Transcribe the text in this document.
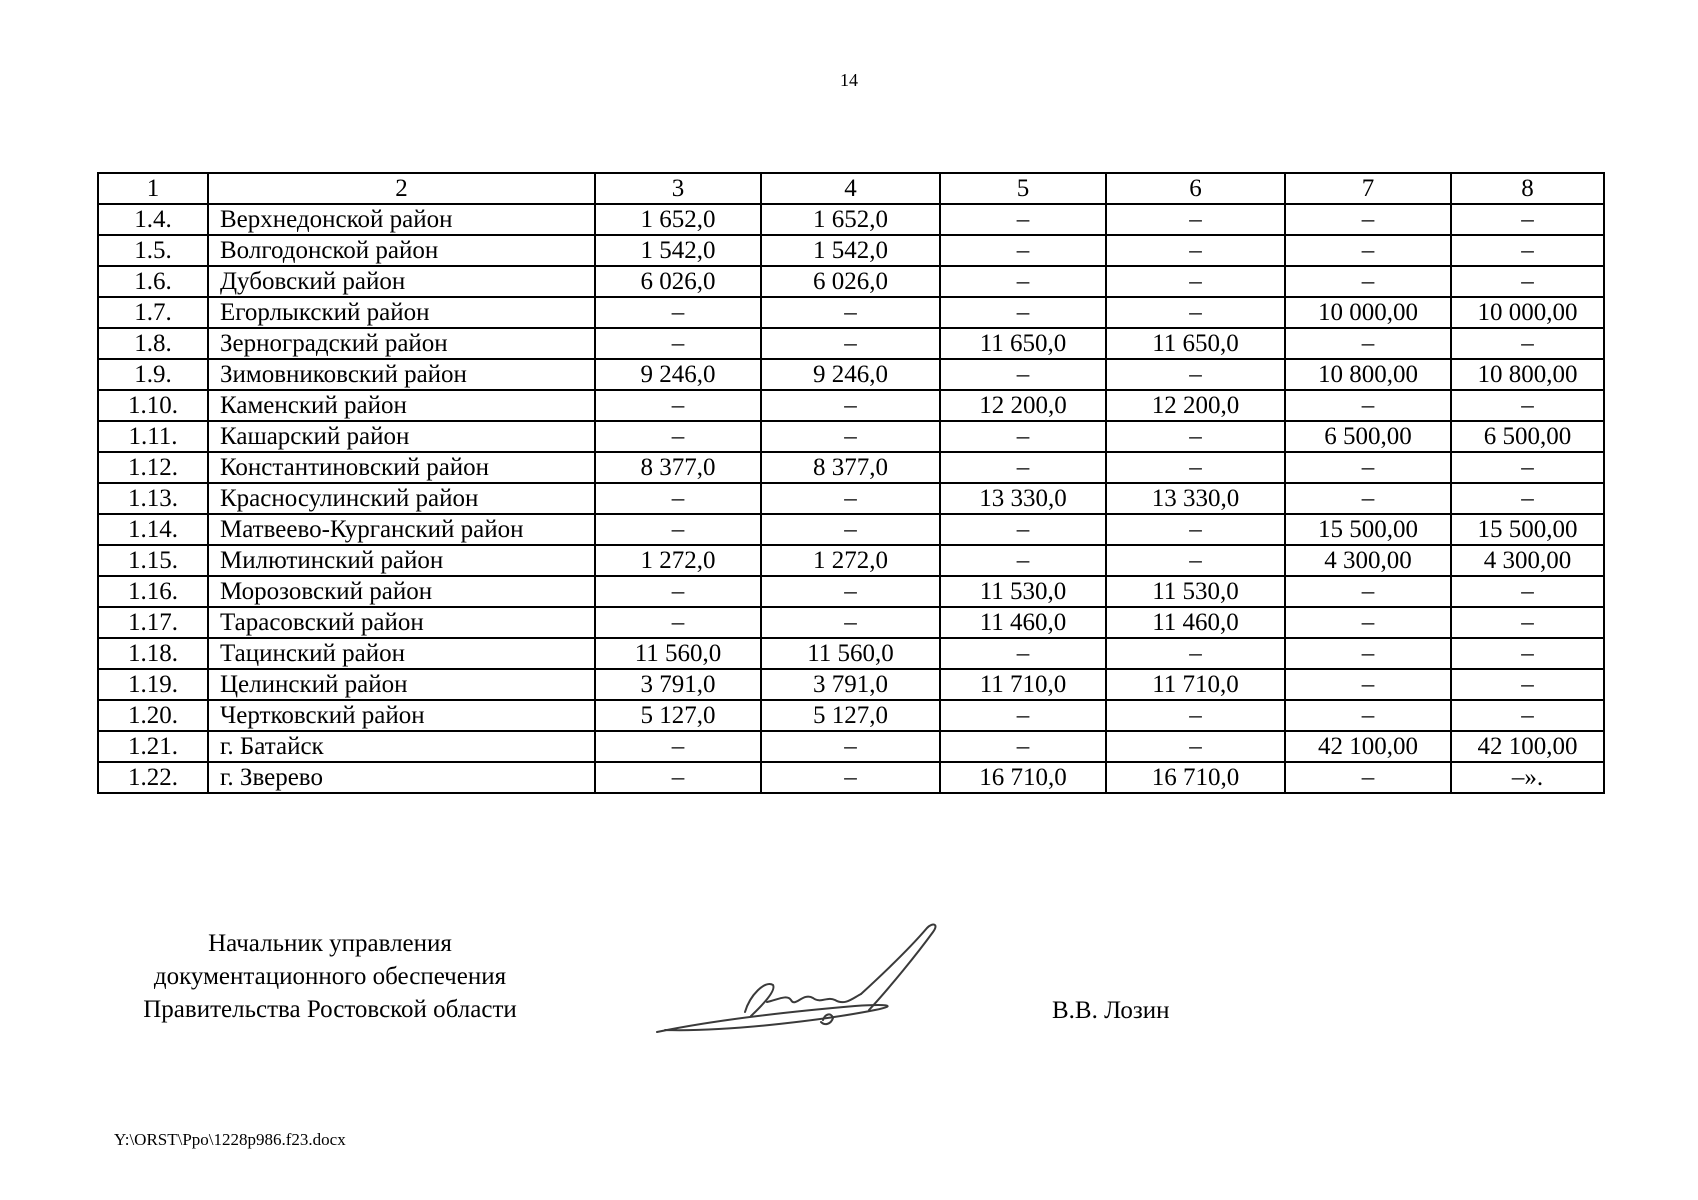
14
1	2	3	4	5	6	7	8
1.4.	Верхнедонской район	1 652,0	1 652,0	–	–	–	–
1.5.	Волгодонской район	1 542,0	1 542,0	–	–	–	–
1.6.	Дубовский район	6 026,0	6 026,0	–	–	–	–
1.7.	Егорлыкский район	–	–	–	–	10 000,00	10 000,00
1.8.	Зерноградский район	–	–	11 650,0	11 650,0	–	–
1.9.	Зимовниковский район	9 246,0	9 246,0	–	–	10 800,00	10 800,00
1.10.	Каменский район	–	–	12 200,0	12 200,0	–	–
1.11.	Кашарский район	–	–	–	–	6 500,00	6 500,00
1.12.	Константиновский район	8 377,0	8 377,0	–	–	–	–
1.13.	Красносулинский район	–	–	13 330,0	13 330,0	–	–
1.14.	Матвеево-Курганский район	–	–	–	–	15 500,00	15 500,00
1.15.	Милютинский район	1 272,0	1 272,0	–	–	4 300,00	4 300,00
1.16.	Морозовский район	–	–	11 530,0	11 530,0	–	–
1.17.	Тарасовский район	–	–	11 460,0	11 460,0	–	–
1.18.	Тацинский район	11 560,0	11 560,0	–	–	–	–
1.19.	Целинский район	3 791,0	3 791,0	11 710,0	11 710,0	–	–
1.20.	Чертковский район	5 127,0	5 127,0	–	–	–	–
1.21.	г. Батайск	–	–	–	–	42 100,00	42 100,00
1.22.	г. Зверево	–	–	16 710,0	16 710,0	–	–».
Начальник управления
документационного обеспечения
Правительства Ростовской области	В.В. Лозин
Y:\ORST\Ppo\1228p986.f23.docx
